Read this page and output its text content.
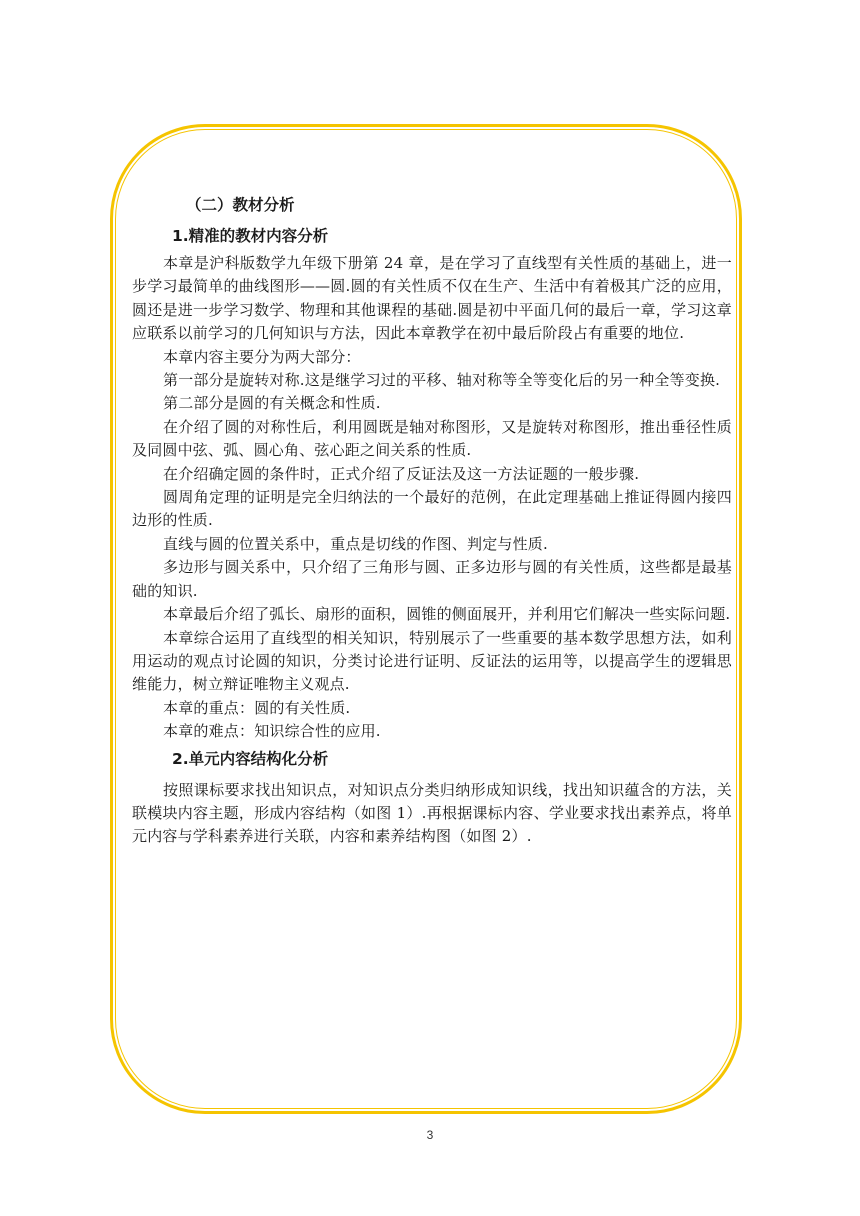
（二）教材分析

1.精准的教材内容分析

本章是沪科版数学九年级下册第 24 章，是在学习了直线型有关性质的基础上，进一步学习最简单的曲线图形——圆.圆的有关性质不仅在生产、生活中有着极其广泛的应用，圆还是进一步学习数学、物理和其他课程的基础.圆是初中平面几何的最后一章，学习这章应联系以前学习的几何知识与方法，因此本章教学在初中最后阶段占有重要的地位.

本章内容主要分为两大部分：

第一部分是旋转对称.这是继学习过的平移、轴对称等全等变化后的另一种全等变换.

第二部分是圆的有关概念和性质.

在介绍了圆的对称性后，利用圆既是轴对称图形，又是旋转对称图形，推出垂径性质及同圆中弦、弧、圆心角、弦心距之间关系的性质.

在介绍确定圆的条件时，正式介绍了反证法及这一方法证题的一般步骤.

圆周角定理的证明是完全归纳法的一个最好的范例，在此定理基础上推证得圆内接四边形的性质.

直线与圆的位置关系中，重点是切线的作图、判定与性质.

多边形与圆关系中，只介绍了三角形与圆、正多边形与圆的有关性质，这些都是最基础的知识.

本章最后介绍了弧长、扇形的面积，圆锥的侧面展开，并利用它们解决一些实际问题.

本章综合运用了直线型的相关知识，特别展示了一些重要的基本数学思想方法，如利用运动的观点讨论圆的知识，分类讨论进行证明、反证法的运用等，以提高学生的逻辑思维能力，树立辩证唯物主义观点.

本章的重点：圆的有关性质.

本章的难点：知识综合性的应用.

2.单元内容结构化分析

按照课标要求找出知识点，对知识点分类归纳形成知识线，找出知识蕴含的方法，关联模块内容主题，形成内容结构（如图 1）.再根据课标内容、学业要求找出素养点，将单元内容与学科素养进行关联，内容和素养结构图（如图 2）.

3
